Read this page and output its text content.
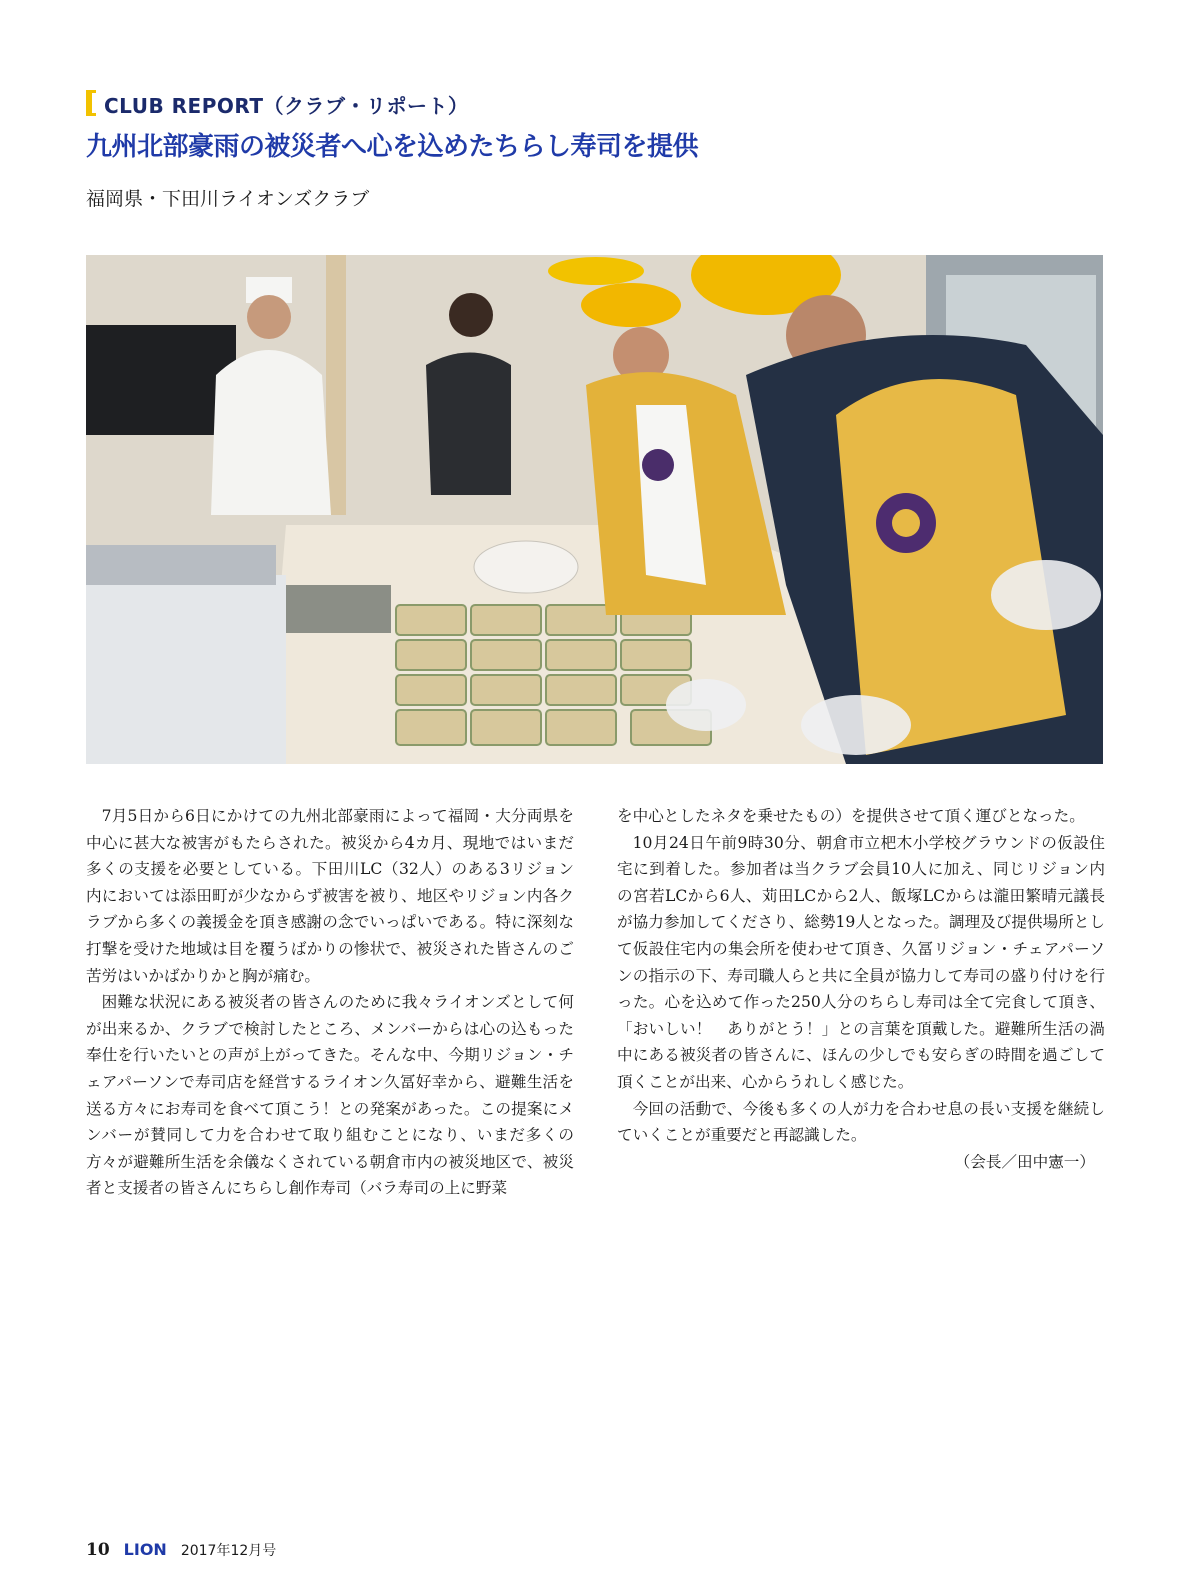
CLUB REPORT（クラブ・リポート）
九州北部豪雨の被災者へ心を込めたちらし寿司を提供
福岡県・下田川ライオンズクラブ

7月5日から6日にかけての九州北部豪雨によって福岡・大分両県を中心に甚大な被害がもたらされた。被災から4カ月、現地ではいまだ多くの支援を必要としている。下田川LC（32人）のある3リジョン内においては添田町が少なからず被害を被り、地区やリジョン内各クラブから多くの義援金を頂き感謝の念でいっぱいである。特に深刻な打撃を受けた地域は目を覆うばかりの惨状で、被災された皆さんのご苦労はいかばかりかと胸が痛む。

困難な状況にある被災者の皆さんのために我々ライオンズとして何が出来るか、クラブで検討したところ、メンバーからは心の込もった奉仕を行いたいとの声が上がってきた。そんな中、今期リジョン・チェアパーソンで寿司店を経営するライオン久冨好幸から、避難生活を送る方々にお寿司を食べて頂こう！との発案があった。この提案にメンバーが賛同して力を合わせて取り組むことになり、いまだ多くの方々が避難所生活を余儀なくされている朝倉市内の被災地区で、被災者と支援者の皆さんにちらし創作寿司（バラ寿司の上に野菜

を中心としたネタを乗せたもの）を提供させて頂く運びとなった。

10月24日午前9時30分、朝倉市立杷木小学校グラウンドの仮設住宅に到着した。参加者は当クラブ会員10人に加え、同じリジョン内の宮若LCから6人、苅田LCから2人、飯塚LCからは瀧田繁晴元議長が協力参加してくださり、総勢19人となった。調理及び提供場所として仮設住宅内の集会所を使わせて頂き、久冨リジョン・チェアパーソンの指示の下、寿司職人らと共に全員が協力して寿司の盛り付けを行った。心を込めて作った250人分のちらし寿司は全て完食して頂き、「おいしい！　ありがとう！」との言葉を頂戴した。避難所生活の渦中にある被災者の皆さんに、ほんの少しでも安らぎの時間を過ごして頂くことが出来、心からうれしく感じた。

今回の活動で、今後も多くの人が力を合わせ息の長い支援を継続していくことが重要だと再認識した。

（会長／田中憲一）
10 LION 2017年12月号
